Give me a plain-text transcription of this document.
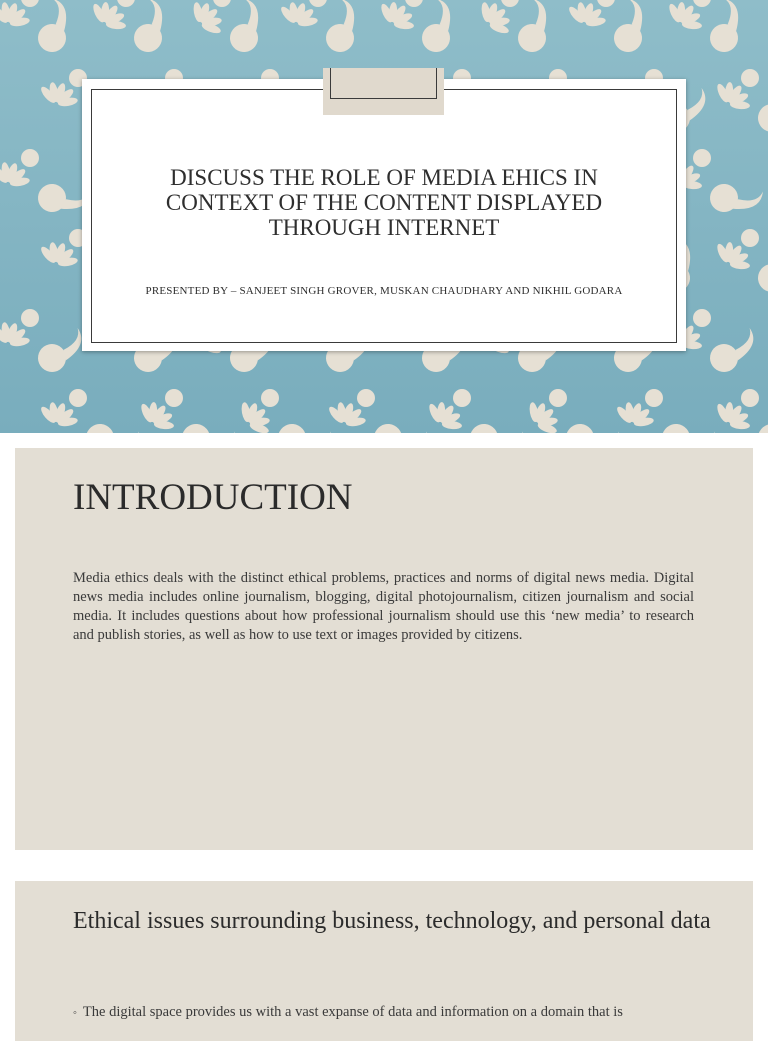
DISCUSS THE ROLE OF MEDIA EHICS IN CONTEXT OF THE CONTENT DISPLAYED THROUGH INTERNET

PRESENTED BY – SANJEET SINGH GROVER, MUSKAN CHAUDHARY AND NIKHIL GODARA

INTRODUCTION

Media ethics deals with the distinct ethical problems, practices and norms of digital news media. Digital news media includes online journalism, blogging, digital photojournalism, citizen journalism and social media. It includes questions about how professional journalism should use this ‘new media’ to research and publish stories, as well as how to use text or images provided by citizens.

Ethical issues surrounding business, technology, and personal data

◦ The digital space provides us with a vast expanse of data and information on a domain that is
